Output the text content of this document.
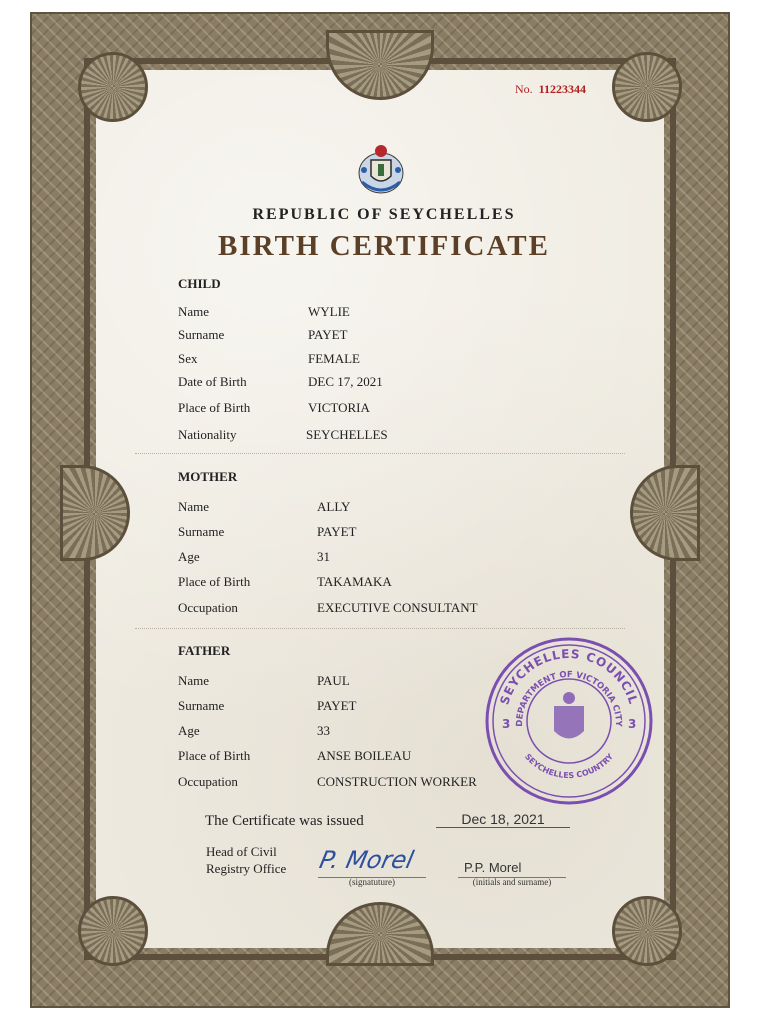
No. 11223344
REPUBLIC OF SEYCHELLES
BIRTH CERTIFICATE
CHILD
Name	WYLIE
Surname	PAYET
Sex	FEMALE
Date of Birth	DEC 17, 2021
Place of Birth	VICTORIA
Nationality	SEYCHELLES
MOTHER
Name	ALLY
Surname	PAYET
Age	31
Place of Birth	TAKAMAKA
Occupation	EXECUTIVE CONSULTANT
FATHER
Name	PAUL
Surname	PAYET
Age	33
Place of Birth	ANSE BOILEAU
Occupation	CONSTRUCTION WORKER
SEYCHELLES COUNCIL
DEPARTMENT OF VICTORIA CITY
SEYCHELLES COUNTRY
3	3
The Certificate was issued	Dec 18, 2021
Head of Civil
Registry Office P. Morel
(signatuture)
P.P. Morel
(initials and surname)
